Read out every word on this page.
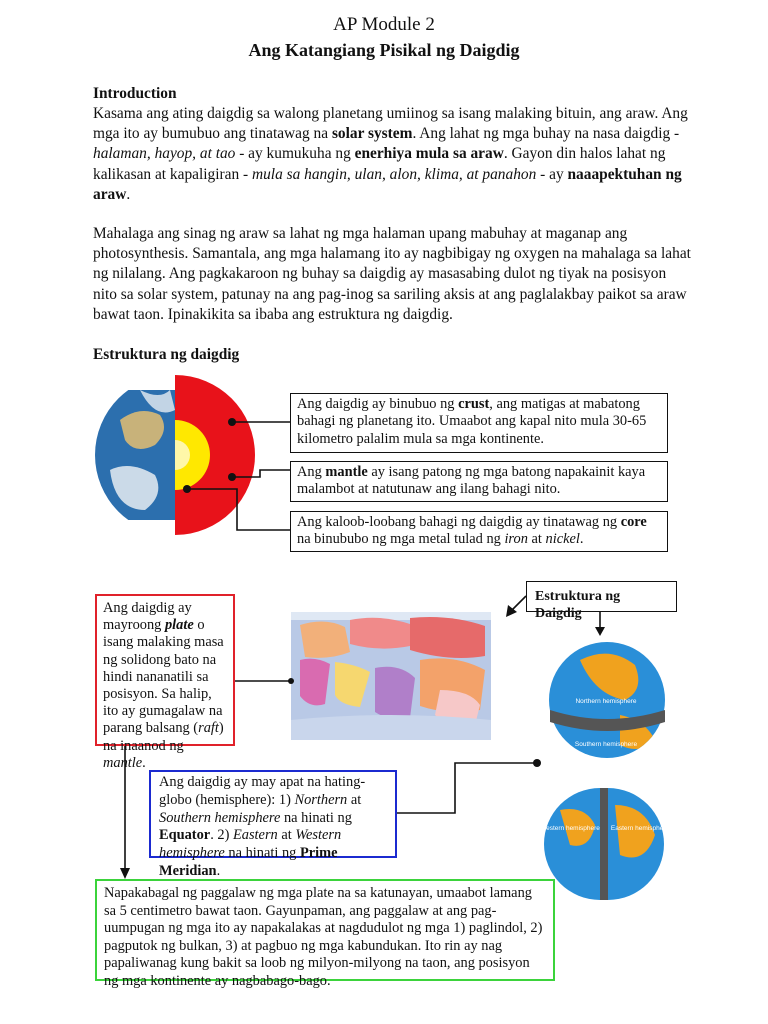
AP Module 2
Ang Katangiang Pisikal ng Daigdig
Introduction
Kasama ang ating daigdig sa walong planetang umiinog sa isang malaking bituin, ang araw. Ang mga ito ay bumubuo ang tinatawag na solar system. Ang lahat ng mga buhay na nasa daigdig - halaman, hayop, at tao - ay kumukuha ng enerhiya mula sa araw. Gayon din halos lahat ng kalikasan at kapaligiran - mula sa hangin, ulan, alon, klima, at panahon - ay naaapektuhan ng araw.
Mahalaga ang sinag ng araw sa lahat ng mga halaman upang mabuhay at maganap ang photosynthesis. Samantala, ang mga halamang ito ay nagbibigay ng oxygen na mahalaga sa lahat ng nilalang. Ang pagkakaroon ng buhay sa daigdig ay masasabing dulot ng tiyak na posisyon nito sa solar system, patunay na ang pag-inog sa sariling aksis at ang paglalakbay paikot sa araw bawat taon. Ipinakikita sa ibaba ang estruktura ng daigdig.
Estruktura ng daigdig
Northern hemisphere
Southern hemisphere
Western hemisphere Eastern hemisphere
Ang daigdig ay binubuo ng crust, ang matigas at mabatong bahagi ng planetang ito. Umaabot ang kapal nito mula 30-65 kilometro palalim mula sa mga kontinente.
Ang mantle ay isang patong ng mga batong napakainit kaya malambot at natutunaw ang ilang bahagi nito.
Ang kaloob-loobang bahagi ng daigdig ay tinatawag ng core na binububo ng mga metal tulad ng iron at nickel.
Ang daigdig ay mayroong plate o isang malaking masa ng solidong bato na hindi nananatili sa posisyon. Sa halip, ito ay gumagalaw na parang balsang (raft) na inaanod ng mantle.
Estruktura ng Daigdig
Ang daigdig ay may apat na hating-globo (hemisphere): 1) Northern at Southern hemisphere na hinati ng Equator. 2) Eastern at Western hemisphere na hinati ng Prime Meridian.
Napakabagal ng paggalaw ng mga plate na sa katunayan, umaabot lamang sa 5 centimetro bawat taon. Gayunpaman, ang paggalaw at ang pag-uumpugan ng mga ito ay napakalakas at nagdudulot ng mga 1) paglindol, 2) pagputok ng bulkan, 3) at pagbuo ng mga kabundukan. Ito rin ay nag papaliwanag kung bakit sa loob ng milyon-milyong na taon, ang posisyon ng mga kontinente ay nagbabago-bago.
